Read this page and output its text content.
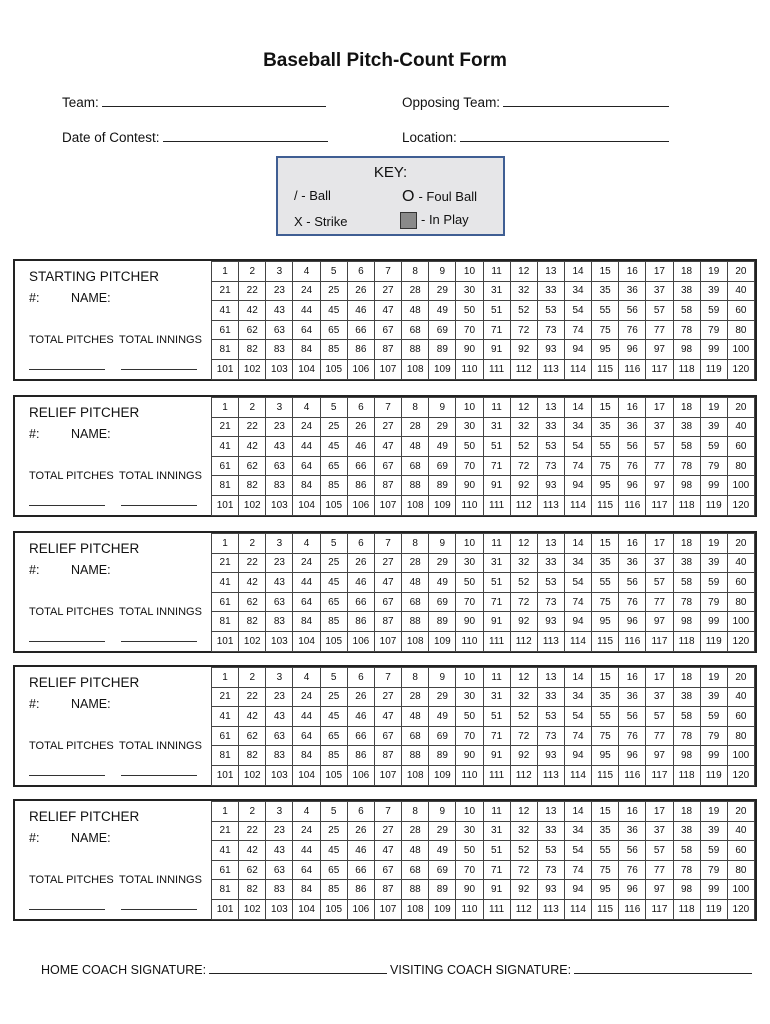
Baseball Pitch-Count Form
Team:	Opposing Team:
Date of Contest:	Location:
KEY:
/ - Ball	O - Foul Ball
X - Strike	- In Play
STARTING PITCHER
#:	NAME:
TOTAL PITCHES TOTAL INNINGS
1	2	3	4	5	6	7	8	9	10	11	12	13	14	15	16	17	18	19	20
21	22	23	24	25	26	27	28	29	30	31	32	33	34	35	36	37	38	39	40
41	42	43	44	45	46	47	48	49	50	51	52	53	54	55	56	57	58	59	60
61	62	63	64	65	66	67	68	69	70	71	72	73	74	75	76	77	78	79	80
81	82	83	84	85	86	87	88	89	90	91	92	93	94	95	96	97	98	99	100
101	102	103	104	105	106	107	108	109	110	111	112	113	114	115	116	117	118	119	120
RELIEF PITCHER
#:	NAME:
TOTAL PITCHES TOTAL INNINGS
1	2	3	4	5	6	7	8	9	10	11	12	13	14	15	16	17	18	19	20
21	22	23	24	25	26	27	28	29	30	31	32	33	34	35	36	37	38	39	40
41	42	43	44	45	46	47	48	49	50	51	52	53	54	55	56	57	58	59	60
61	62	63	64	65	66	67	68	69	70	71	72	73	74	75	76	77	78	79	80
81	82	83	84	85	86	87	88	89	90	91	92	93	94	95	96	97	98	99	100
101	102	103	104	105	106	107	108	109	110	111	112	113	114	115	116	117	118	119	120
RELIEF PITCHER
#:	NAME:
TOTAL PITCHES TOTAL INNINGS
1	2	3	4	5	6	7	8	9	10	11	12	13	14	15	16	17	18	19	20
21	22	23	24	25	26	27	28	29	30	31	32	33	34	35	36	37	38	39	40
41	42	43	44	45	46	47	48	49	50	51	52	53	54	55	56	57	58	59	60
61	62	63	64	65	66	67	68	69	70	71	72	73	74	75	76	77	78	79	80
81	82	83	84	85	86	87	88	89	90	91	92	93	94	95	96	97	98	99	100
101	102	103	104	105	106	107	108	109	110	111	112	113	114	115	116	117	118	119	120
RELIEF PITCHER
#:	NAME:
TOTAL PITCHES TOTAL INNINGS
1	2	3	4	5	6	7	8	9	10	11	12	13	14	15	16	17	18	19	20
21	22	23	24	25	26	27	28	29	30	31	32	33	34	35	36	37	38	39	40
41	42	43	44	45	46	47	48	49	50	51	52	53	54	55	56	57	58	59	60
61	62	63	64	65	66	67	68	69	70	71	72	73	74	75	76	77	78	79	80
81	82	83	84	85	86	87	88	89	90	91	92	93	94	95	96	97	98	99	100
101	102	103	104	105	106	107	108	109	110	111	112	113	114	115	116	117	118	119	120
RELIEF PITCHER
#:	NAME:
TOTAL PITCHES TOTAL INNINGS
1	2	3	4	5	6	7	8	9	10	11	12	13	14	15	16	17	18	19	20
21	22	23	24	25	26	27	28	29	30	31	32	33	34	35	36	37	38	39	40
41	42	43	44	45	46	47	48	49	50	51	52	53	54	55	56	57	58	59	60
61	62	63	64	65	66	67	68	69	70	71	72	73	74	75	76	77	78	79	80
81	82	83	84	85	86	87	88	89	90	91	92	93	94	95	96	97	98	99	100
101	102	103	104	105	106	107	108	109	110	111	112	113	114	115	116	117	118	119	120
HOME COACH SIGNATURE:	VISITING COACH SIGNATURE:
